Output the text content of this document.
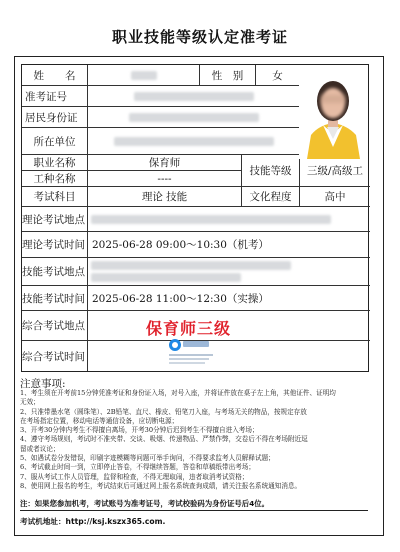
职业技能等级认定准考证
姓　　名	性　别	女
准考证号
居民身份证
所在单位
职业名称	保育师
工种名称	----
技能等级	三级/高级工
考试科目	理论 技能	文化程度	高中
理论考试地点
理论考试时间 2025-06-28 09:00～10:30（机考）
技能考试地点
技能考试时间 2025-06-28 11:00～12:30（实操）
综合考试地点
综合考试时间
保育师三级
注意事项:
1、考生须在开考前15分钟凭准考证和身份证入场，对号入座，并将证件放在桌子左上角，其他证件、证明均
无效；
2、只准带墨水笔（圆珠笔）、2B铅笔、直尺、橡皮、铅笔刀入座，与考场无关的物品，按规定存放
在考场指定位置，移动电话等通信设备，应切断电源；
3、开考30分钟内考生不得擅自离场，开考30分钟后迟到考生不得擅自进入考场；
4、遵守考场规则，考试时不准夹带、交谈、吸烟、传递物品、严禁作弊，交卷后不得在考场附近逗
留或者议论；
5、如遇试卷分发错误，印刷字迹模糊等问题可举手询问，不得要求监考人员解释试题；
6、考试截止时间一到，立即停止答卷，不得继续答题，答卷和草稿纸带出考场；
7、服从考试工作人员管理，监督和检查，不得无理取闹，违者取消考试资格；
8、使用网上报名的考生，考试结束后可通过网上报名系统查询成绩，请关注报名系统通知消息。
注：如果您参加机考，考试账号为准考证号，考试校验码为身份证号后4位。
考试机地址：http://ksj.kszx365.com.
